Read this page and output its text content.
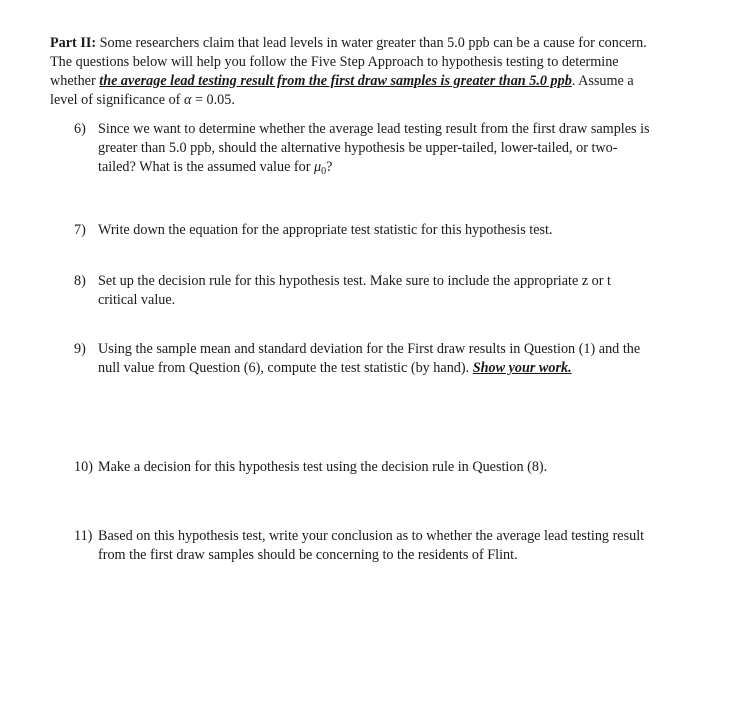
Part II: Some researchers claim that lead levels in water greater than 5.0 ppb can be a cause for concern.
The questions below will help you follow the Five Step Approach to hypothesis testing to determine
whether the average lead testing result from the first draw samples is greater than 5.0 ppb. Assume a
level of significance of α = 0.05.
6) Since we want to determine whether the average lead testing result from the first draw samples is
greater than 5.0 ppb, should the alternative hypothesis be upper-tailed, lower-tailed, or two-
tailed? What is the assumed value for $\mu_0$?
7) Write down the equation for the appropriate test statistic for this hypothesis test.
8) Set up the decision rule for this hypothesis test. Make sure to include the appropriate z or t
critical value.
9) Using the sample mean and standard deviation for the First draw results in Question (1) and the
null value from Question (6), compute the test statistic (by hand). Show your work.
10) Make a decision for this hypothesis test using the decision rule in Question (8).
11) Based on this hypothesis test, write your conclusion as to whether the average lead testing result
from the first draw samples should be concerning to the residents of Flint.
